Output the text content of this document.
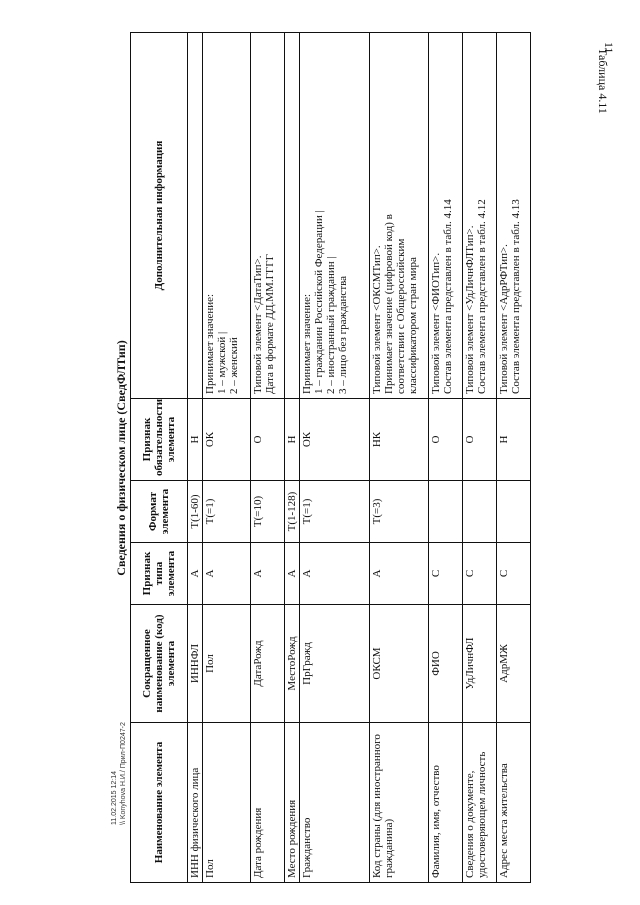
11
Таблица 4.11
11.02.2015 12:14 \\ Konyhova Н.И./ Прил-П0247-2
Сведения о физическом лице (СведФЛТип)
Наименование элемента	Сокращенное наименование (код) элемента	Признак типа элемента	Формат элемента	Признак обязательности элемента	Дополнительная информация
ИНН физического лица	ИННФЛ	А	Т(1-60)	Н	
Пол	Пол	А	Т(=1)	ОК	Принимает значение: 1 – мужской | 2 – женский

Дата рождения	ДатаРожд	А	Т(=10)	О	Типовой элемент <ДатаТип>. Дата в формате ДД.ММ.ГГГГ

Место рождения	МестоРожд	А	Т(1-128)	Н	
Гражданство	ПрГражд	А	Т(=1)	ОК	Принимает значение: 1 – гражданин Российской Федерации | 2 – иностранный гражданин | 3 – лицо без гражданства

Код страны (для иностранного гражданина)	ОКСМ	А	Т(=3)	НК	Типовой элемент <ОКСМТип>. Принимает значение (цифровой код) в соответствии с Общероссийским классификатором стран мира

Фамилия, имя, отчество	ФИО	С		О	Типовой элемент <ФИОТип>. Состав элемента представлен в табл. 4.14

Сведения о документе, удостоверяющем личность	УдЛичнФЛ	С		О	Типовой элемент <УдЛичнФЛТип>. Состав элемента представлен в табл. 4.12

Адрес места жительства	АдрМЖ	С		Н	Типовой элемент <АдрРФТип>. Состав элемента представлен в табл. 4.13
